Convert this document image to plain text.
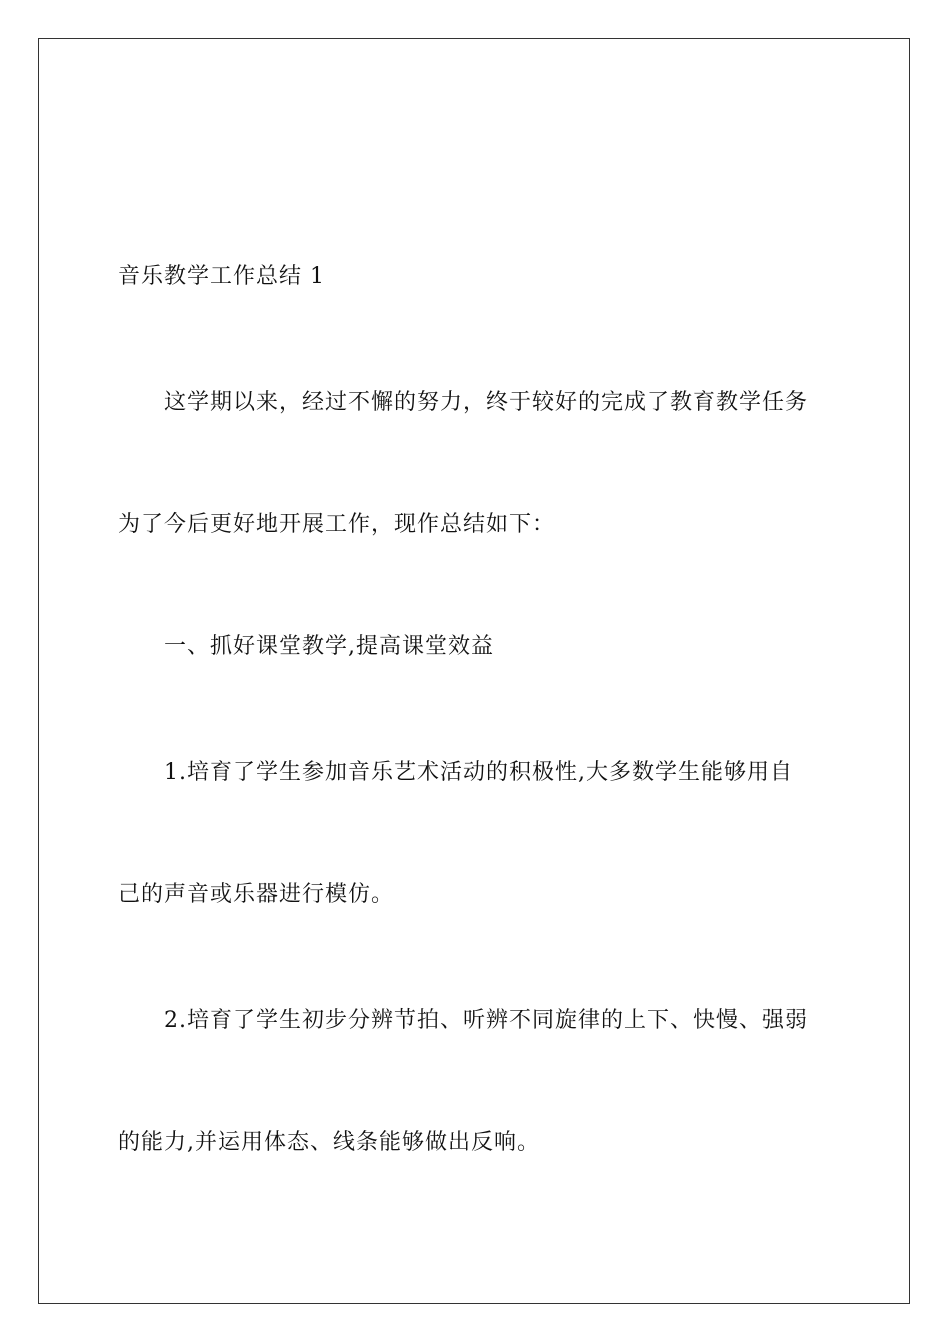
音乐教学工作总结 1
这学期以来，经过不懈的努力，终于较好的完成了教育教学任务
为了今后更好地开展工作，现作总结如下：
一、抓好课堂教学,提高课堂效益
1.培育了学生参加音乐艺术活动的积极性,大多数学生能够用自
己的声音或乐器进行模仿。
2.培育了学生初步分辨节拍、听辨不同旋律的上下、快慢、强弱
的能力,并运用体态、线条能够做出反响。
